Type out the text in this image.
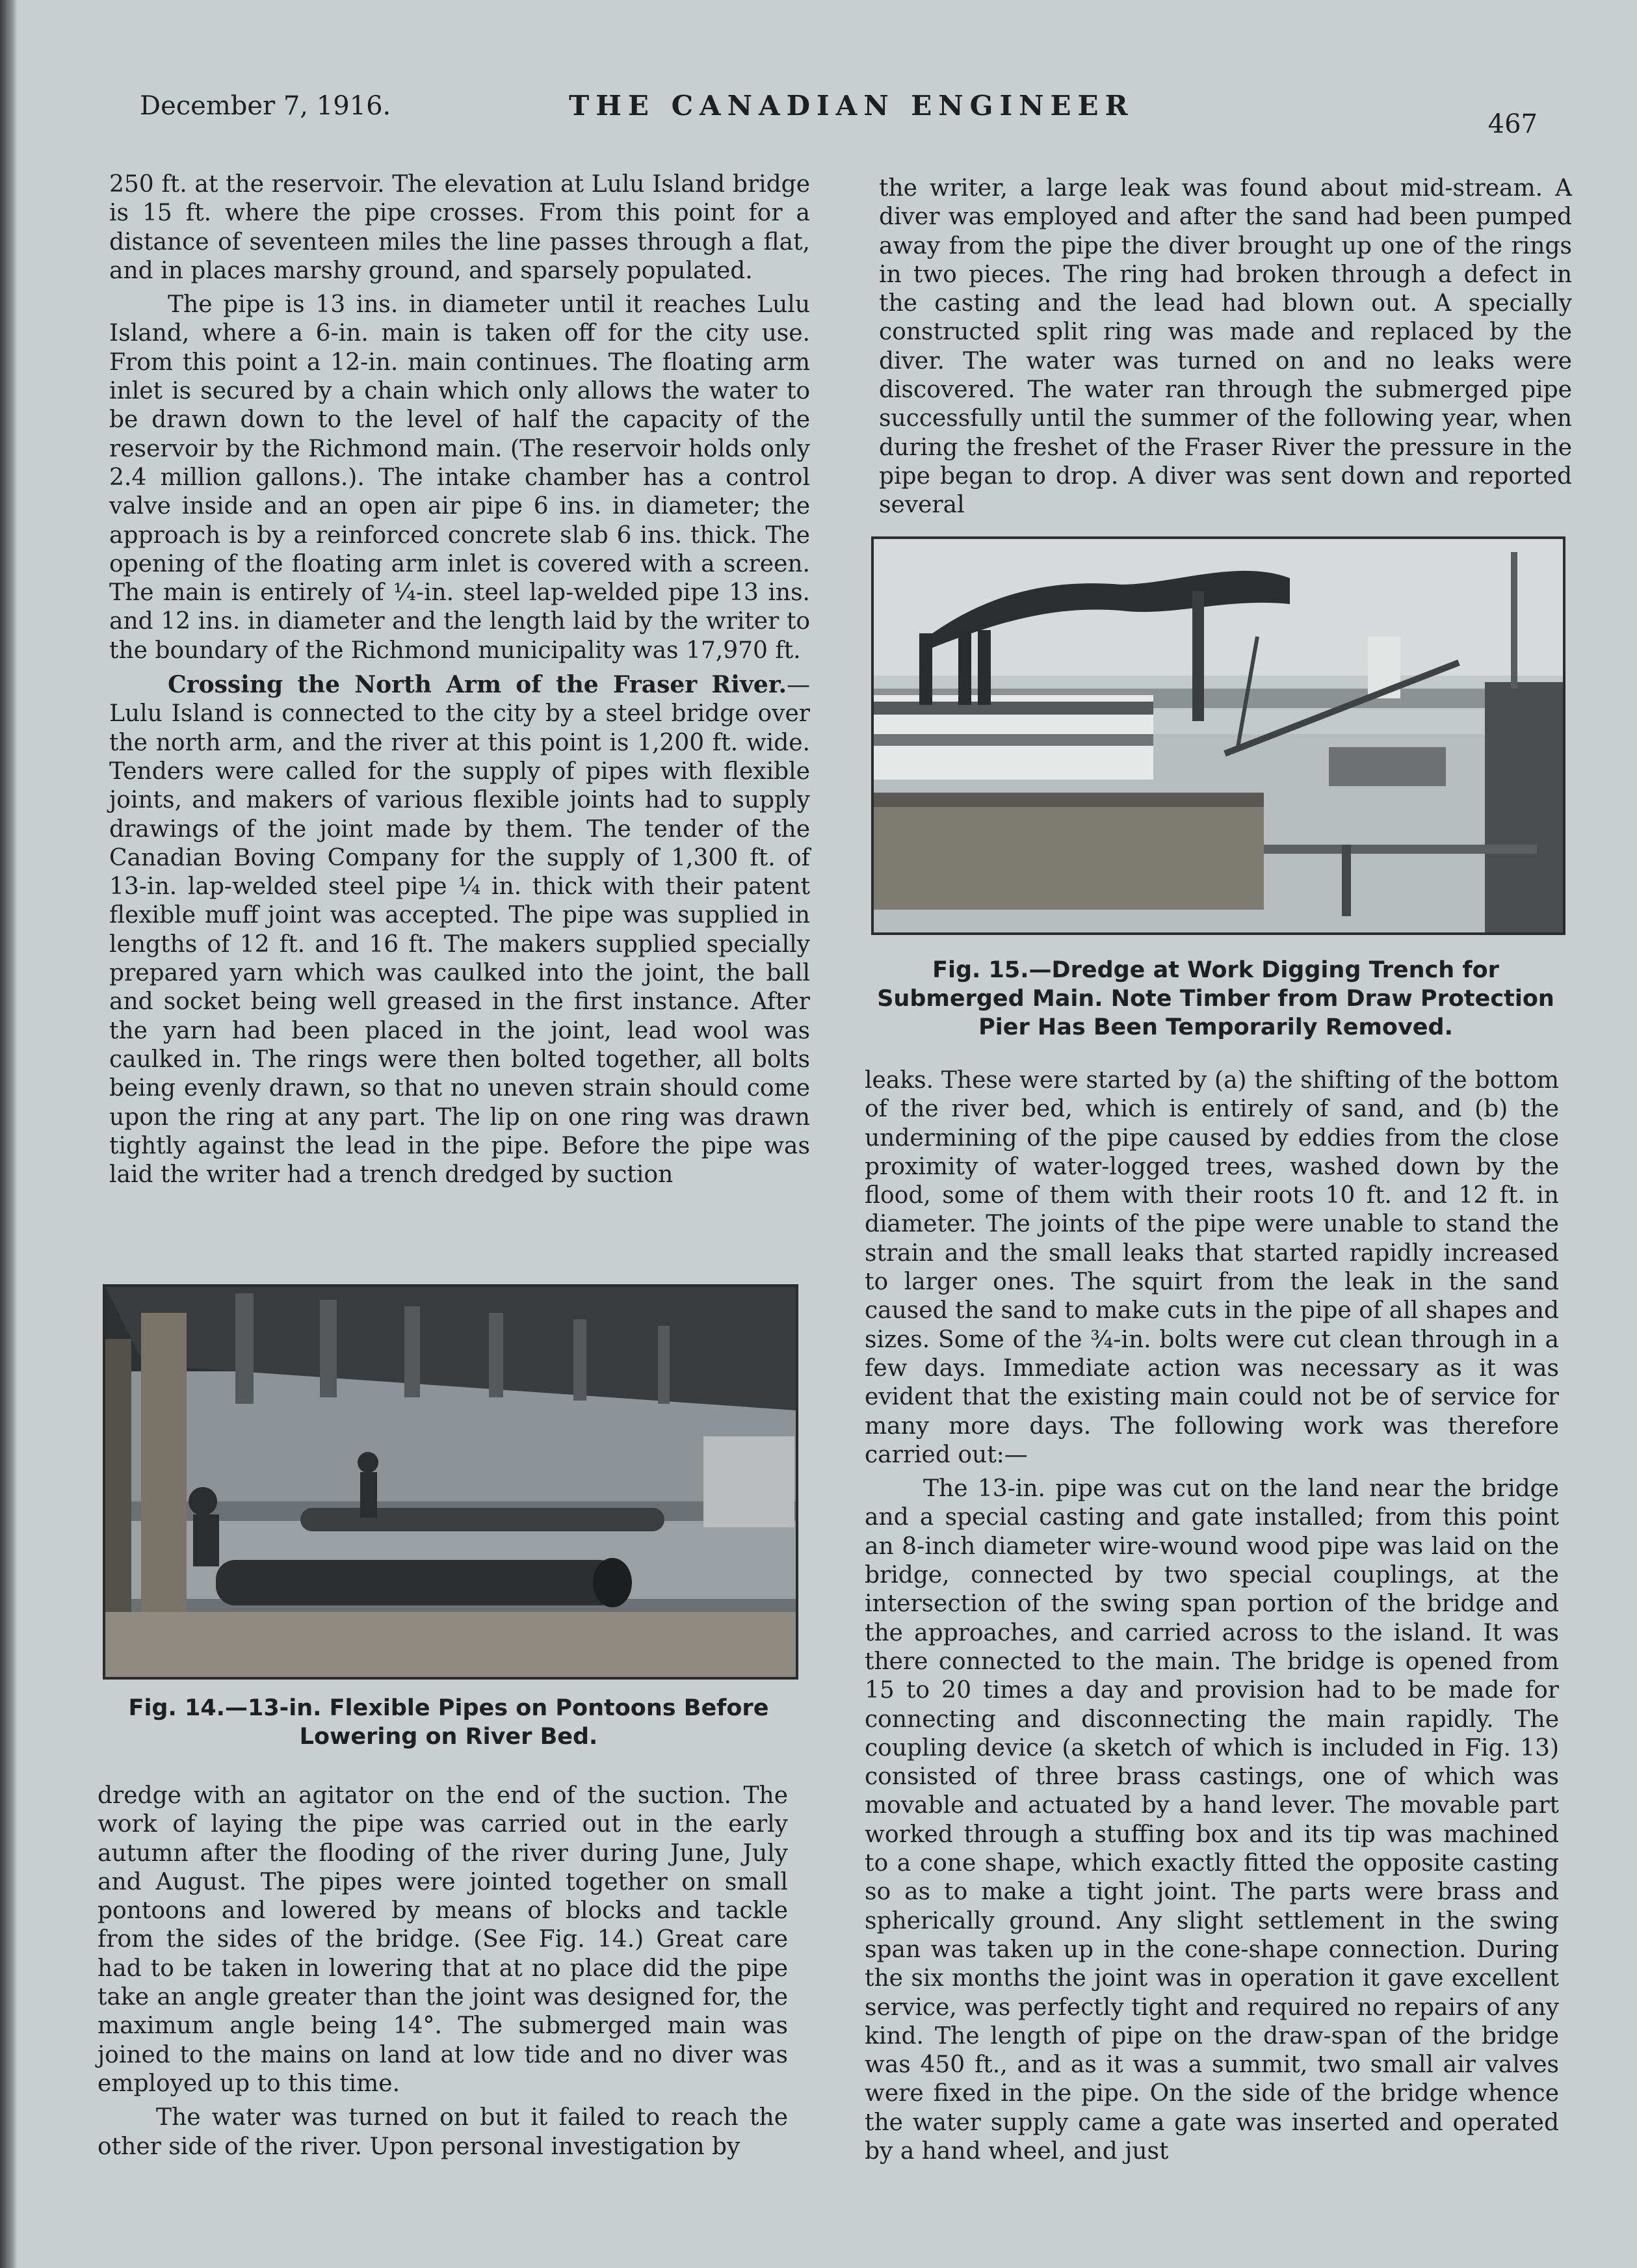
December 7, 1916.	THE CANADIAN ENGINEER
467

250 ft. at the reservoir. The elevation at Lulu Island bridge is 15 ft. where the pipe crosses. From this point for a distance of seventeen miles the line passes through a flat, and in places marshy ground, and sparsely populated.

The pipe is 13 ins. in diameter until it reaches Lulu Island, where a 6-in. main is taken off for the city use. From this point a 12-in. main continues. The floating arm inlet is secured by a chain which only allows the water to be drawn down to the level of half the capacity of the reservoir by the Richmond main. (The reservoir holds only 2.4 million gallons.). The intake chamber has a control valve inside and an open air pipe 6 ins. in diameter; the approach is by a reinforced concrete slab 6 ins. thick. The opening of the floating arm inlet is covered with a screen. The main is entirely of ¼-in. steel lap-welded pipe 13 ins. and 12 ins. in diameter and the length laid by the writer to the boundary of the Richmond municipality was 17,970 ft.

Crossing the North Arm of the Fraser River.—Lulu Island is connected to the city by a steel bridge over the north arm, and the river at this point is 1,200 ft. wide. Tenders were called for the supply of pipes with flexible joints, and makers of various flexible joints had to supply drawings of the joint made by them. The tender of the Canadian Boving Company for the supply of 1,300 ft. of 13-in. lap-welded steel pipe ¼ in. thick with their patent flexible muff joint was accepted. The pipe was supplied in lengths of 12 ft. and 16 ft. The makers supplied specially prepared yarn which was caulked into the joint, the ball and socket being well greased in the first instance. After the yarn had been placed in the joint, lead wool was caulked in. The rings were then bolted together, all bolts being evenly drawn, so that no uneven strain should come upon the ring at any part. The lip on one ring was drawn tightly against the lead in the pipe. Before the pipe was laid the writer had a trench dredged by suction

Fig. 14.—13-in. Flexible Pipes on Pontoons Before Lowering on River Bed.

dredge with an agitator on the end of the suction. The work of laying the pipe was carried out in the early autumn after the flooding of the river during June, July and August. The pipes were jointed together on small pontoons and lowered by means of blocks and tackle from the sides of the bridge. (See Fig. 14.) Great care had to be taken in lowering that at no place did the pipe take an angle greater than the joint was designed for, the maximum angle being 14°. The submerged main was joined to the mains on land at low tide and no diver was employed up to this time.

The water was turned on but it failed to reach the other side of the river. Upon personal investigation by

the writer, a large leak was found about mid-stream. A diver was employed and after the sand had been pumped away from the pipe the diver brought up one of the rings in two pieces. The ring had broken through a defect in the casting and the lead had blown out. A specially constructed split ring was made and replaced by the diver. The water was turned on and no leaks were discovered. The water ran through the submerged pipe successfully until the summer of the following year, when during the freshet of the Fraser River the pressure in the pipe began to drop. A diver was sent down and reported several

Fig. 15.—Dredge at Work Digging Trench for Submerged Main. Note Timber from Draw Protection Pier Has Been Temporarily Removed.

leaks. These were started by (a) the shifting of the bottom of the river bed, which is entirely of sand, and (b) the undermining of the pipe caused by eddies from the close proximity of water-logged trees, washed down by the flood, some of them with their roots 10 ft. and 12 ft. in diameter. The joints of the pipe were unable to stand the strain and the small leaks that started rapidly increased to larger ones. The squirt from the leak in the sand caused the sand to make cuts in the pipe of all shapes and sizes. Some of the ¾-in. bolts were cut clean through in a few days. Immediate action was necessary as it was evident that the existing main could not be of service for many more days. The following work was therefore carried out:—

The 13-in. pipe was cut on the land near the bridge and a special casting and gate installed; from this point an 8-inch diameter wire-wound wood pipe was laid on the bridge, connected by two special couplings, at the intersection of the swing span portion of the bridge and the approaches, and carried across to the island. It was there connected to the main. The bridge is opened from 15 to 20 times a day and provision had to be made for connecting and disconnecting the main rapidly. The coupling device (a sketch of which is included in Fig. 13) consisted of three brass castings, one of which was movable and actuated by a hand lever. The movable part worked through a stuffing box and its tip was machined to a cone shape, which exactly fitted the opposite casting so as to make a tight joint. The parts were brass and spherically ground. Any slight settlement in the swing span was taken up in the cone-shape connection. During the six months the joint was in operation it gave excellent service, was perfectly tight and required no repairs of any kind. The length of pipe on the draw-span of the bridge was 450 ft., and as it was a summit, two small air valves were fixed in the pipe. On the side of the bridge whence the water supply came a gate was inserted and operated by a hand wheel, and just
